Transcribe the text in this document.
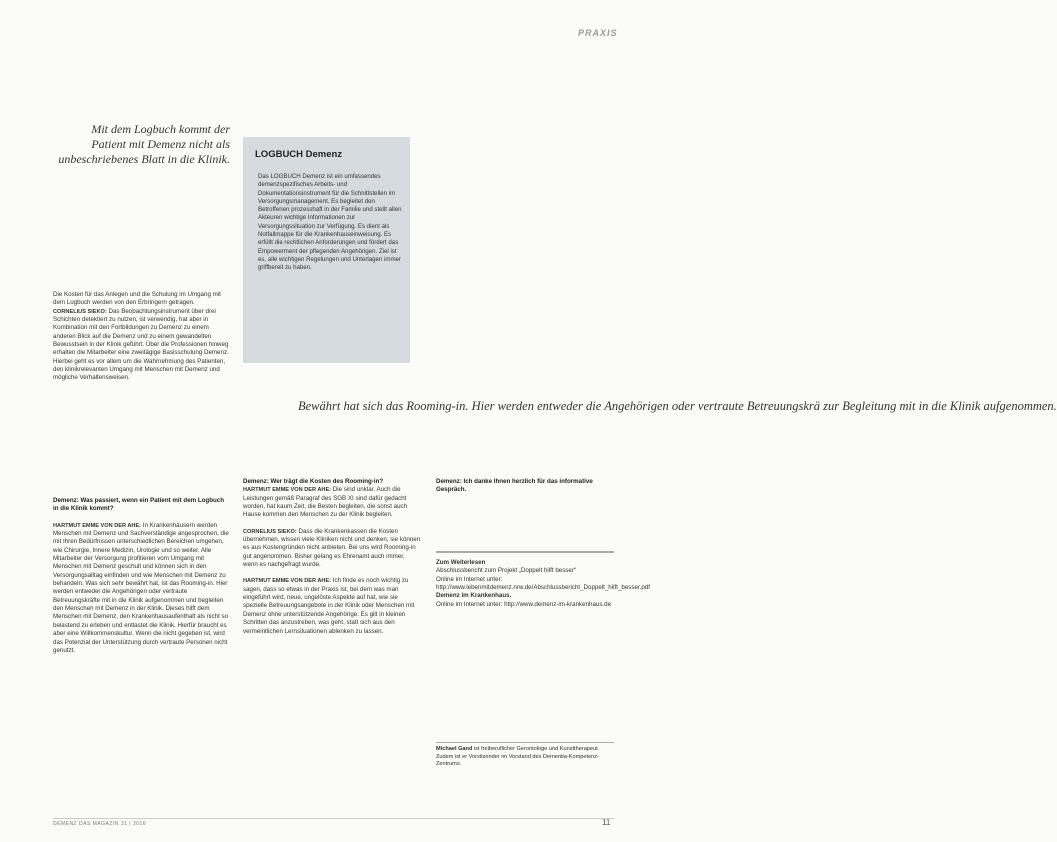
PRAXIS
Mit dem Logbuch kommt der Patient mit Demenz nicht als unbeschriebenes Blatt in die Klinik.	LOGBUCH Demenz

Das LOGBUCH Demenz ist ein umfassendes demenzspezifisches Arbeits- und Dokumentationsinstrument für die Schnittstellen im Versorgungsmanagement. Es begleitet den Betroffenen prozesshaft in der Familie und stellt allen Akteuren wichtige Informationen zur Versorgungssituation zur Verfügung. Es dient als Notfallmappe für die Krankenhauseinweisung. Es erfüllt die rechtlichen Anforderungen und fördert das Empowerment der pflegenden Angehörigen. Ziel ist es, alle wichtigen Regelungen und Unterlagen immer griffbereit zu haben.

Die Kosten für das Anlegen und die Schulung im Umgang mit dem Logbuch werden von den Erbringern getragen.

CORNELIUS SIEKO: Das Beobachtungsinstrument über drei Schichten detektiert zu nutzen, ist verwendig, hat aber in Kombination mit den Fortbildungen zu Demenz zu einem anderen Blick auf die Demenz und zu einem gewandelten Bewusstsein in der Klinik geführt. Über die Professionen hinweg erhalten die Mitarbeiter eine zweitägige Basisschulung Demenz. Hierbei geht es vor allem um die Wahrnehmung des Patienten, den klinikrelevanten Umgang mit Menschen mit Demenz und mögliche Verhaltensweisen.

Demenz: Was passiert, wenn ein Patient mit dem Logbuch in die Klinik kommt?

HARTMUT EMME VON DER AHE: In Krankenhäusern werden Menschen mit Demenz und Sachverständige angesprochen, die mit Ihren Bedürfnissen unterschiedlichen Bereichen umgehen, wie Chirurgie, Innere Medizin, Urologie und so weiter. Alle Mitarbeiter der Versorgung profitieren vom Umgang mit Menschen mit Demenz geschult und können sich in den Versorgungsalltag einfinden und wie Menschen mit Demenz zu behandeln. Was sich sehr bewährt hat, ist das Rooming-in. Hier werden entweder die Angehörigen oder vertraute Betreuungskräfte mit in die Klinik aufgenommen und begleiten den Menschen mit Demenz in der Klinik. Dieses hilft dem Menschen mit Demenz, den Krankenhausaufenthalt als nicht so belastend zu erleben und entlastet die Klinik. Hierfür braucht es aber eine Willkommenskultur. Wenn die nicht gegeben ist, wird das Potenzial der Unterstützung durch vertraute Personen nicht genutzt.

Bewährt hat sich das Rooming-in. Hier werden entweder die Angehörigen oder vertraute Betreuungskrä zur Begleitung mit in die Klinik aufgenommen.

Demenz: Wer trägt die Kosten des Rooming-in?

HARTMUT EMME VON DER AHE: Die sind unklar. Auch die Leistungen gemäß Paragraf des SGB XI sind dafür gedacht worden, hat kaum Zeit, die Besten begleiten, die sonst auch Hause kommen den Menschen zu der Klinik begleiten.

CORNELIUS SIEKO: Dass die Krankenkassen die Kosten übernehmen, wissen viele Kliniken nicht und denken, sie können es aus Kostengründen nicht anbieten. Bei uns wird Rooming-in gut angenommen. Bisher gelang es Ehrenamt auch immer, wenn es nachgefragt wurde.

HARTMUT EMME VON DER AHE: Ich finde es noch wichtig zu sagen, dass so etwas in der Praxis ist, bei dem was man eingeführt wird, neue, ungelöste Aspekte auf hat, wie sie spezielle Betreuungsangebote in der Klinik oder Menschen mit Demenz ohne unterstützende Angehörige. Es gilt in kleinen Schritten das anzustreben, was geht, statt sich aus den vermeintlichen Lernsituationen ablenken zu lassen.

Demenz: Ich danke Ihnen herzlich für das informative Gespräch.

Zum Weiterlesen

Abschlussbericht zum Projekt „Doppelt hilft besser“

Online im Internet unter: http://www.lebenmitdemenz.nrw.de/Abschlussbericht_Doppelt_hilft_besser.pdf

Demenz im Krankenhaus.

Online im Internet unter: http://www.demenz-im-krankenhaus.de

Michael Gand ist freiberuflicher Gerontologe und Kunsttherapeut. Zudem ist er Vorsitzender im Vorstand des Dementia-Kompetenz-Zentrums.
DEMENZ DAS MAGAZIN 31 | 2016	11
